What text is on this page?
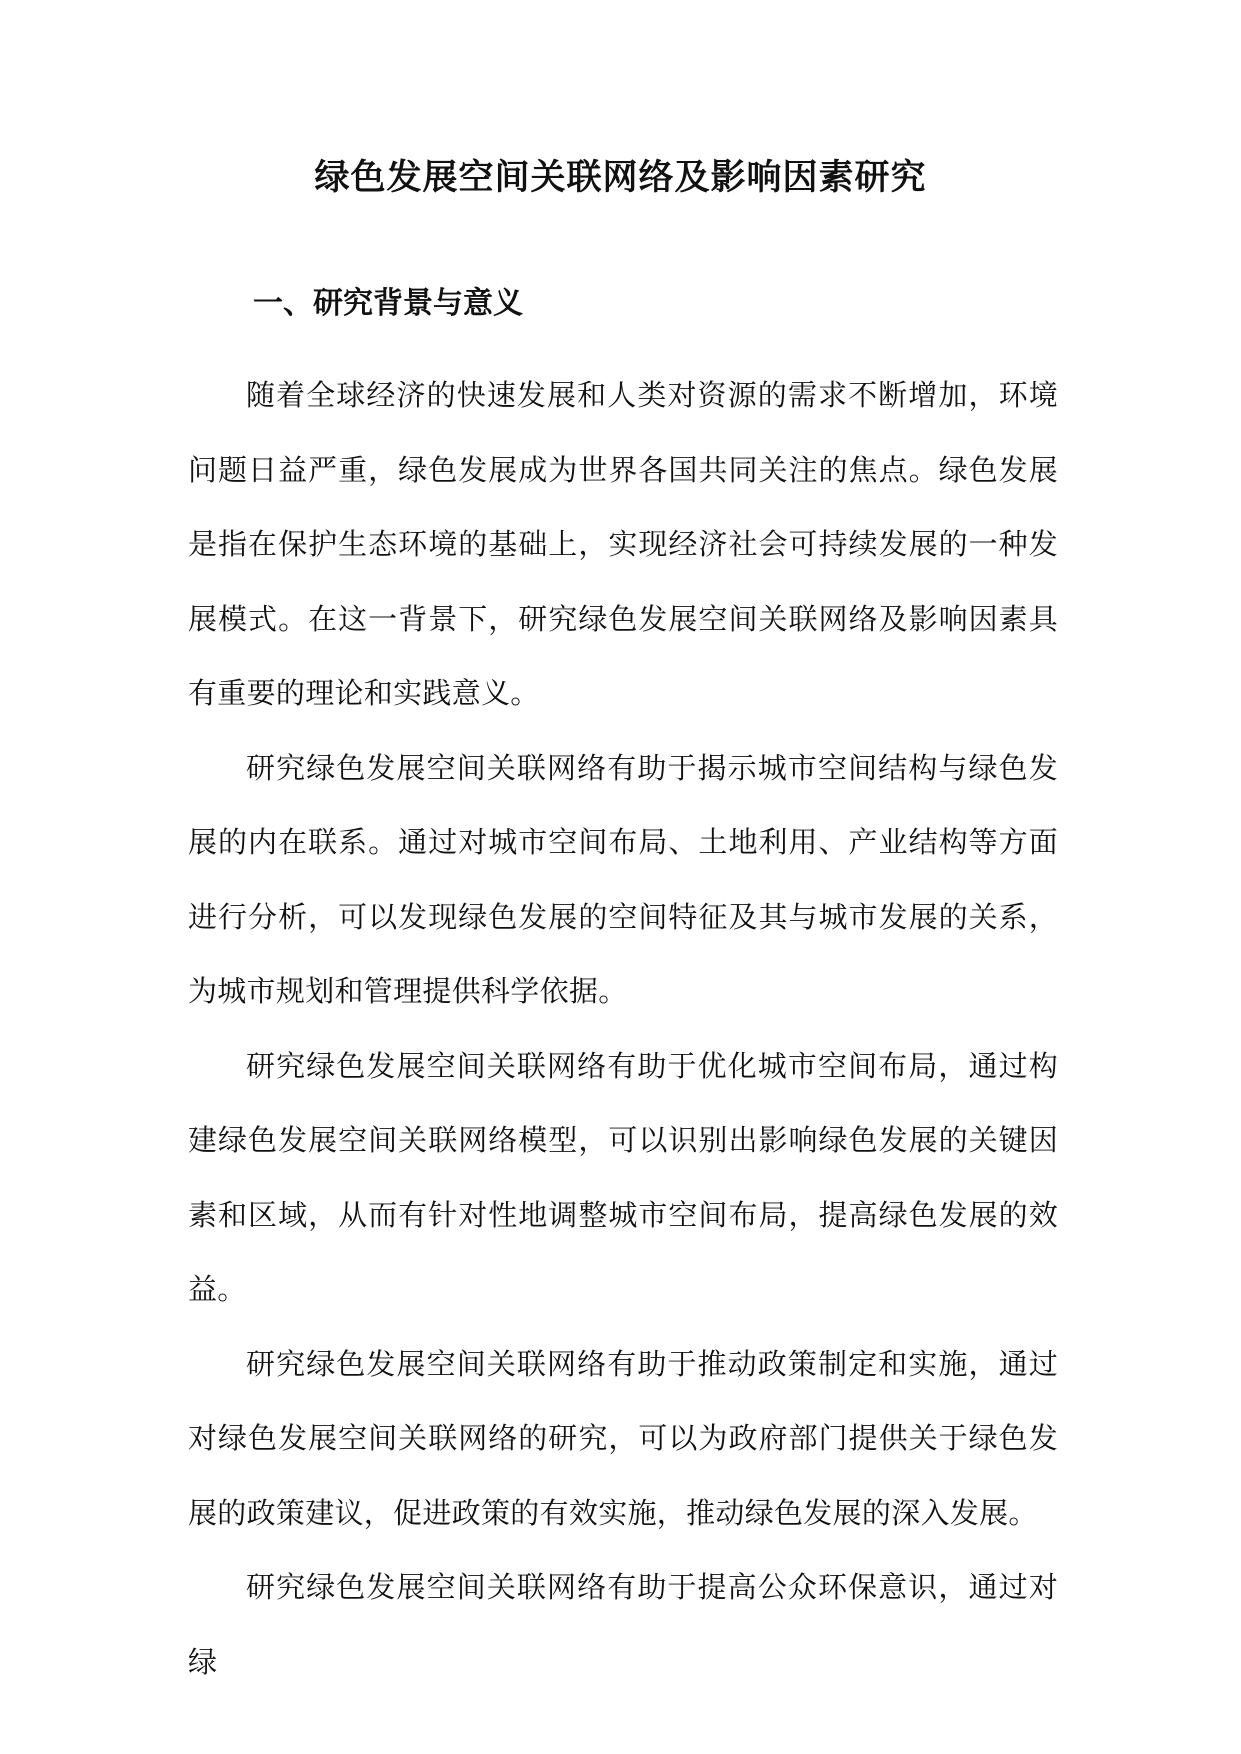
绿色发展空间关联网络及影响因素研究
一、研究背景与意义

随着全球经济的快速发展和人类对资源的需求不断增加，环境问题日益严重，绿色发展成为世界各国共同关注的焦点。绿色发展是指在保护生态环境的基础上，实现经济社会可持续发展的一种发展模式。在这一背景下，研究绿色发展空间关联网络及影响因素具有重要的理论和实践意义。

研究绿色发展空间关联网络有助于揭示城市空间结构与绿色发展的内在联系。通过对城市空间布局、土地利用、产业结构等方面进行分析，可以发现绿色发展的空间特征及其与城市发展的关系，为城市规划和管理提供科学依据。

研究绿色发展空间关联网络有助于优化城市空间布局，通过构建绿色发展空间关联网络模型，可以识别出影响绿色发展的关键因素和区域，从而有针对性地调整城市空间布局，提高绿色发展的效益。

研究绿色发展空间关联网络有助于推动政策制定和实施，通过对绿色发展空间关联网络的研究，可以为政府部门提供关于绿色发展的政策建议，促进政策的有效实施，推动绿色发展的深入发展。

研究绿色发展空间关联网络有助于提高公众环保意识，通过对绿
